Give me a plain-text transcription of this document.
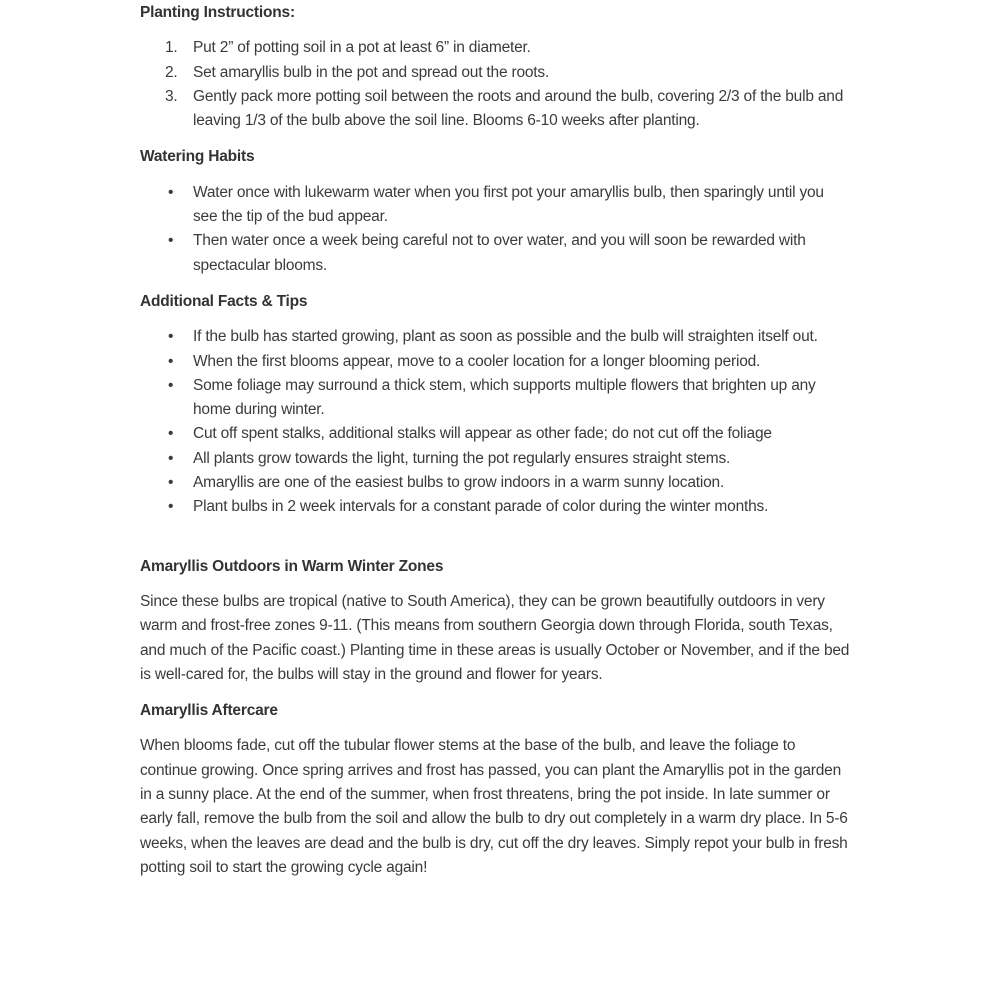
Planting Instructions:
Put 2” of potting soil in a pot at least 6” in diameter.
Set amaryllis bulb in the pot and spread out the roots.
Gently pack more potting soil between the roots and around the bulb, covering 2/3 of the bulb and leaving 1/3 of the bulb above the soil line. Blooms 6-10 weeks after planting.
Watering Habits
• Water once with lukewarm water when you first pot your amaryllis bulb, then sparingly until you see the tip of the bud appear.
• Then water once a week being careful not to over water, and you will soon be rewarded with spectacular blooms.
Additional Facts & Tips
• If the bulb has started growing, plant as soon as possible and the bulb will straighten itself out.
• When the first blooms appear, move to a cooler location for a longer blooming period.
• Some foliage may surround a thick stem, which supports multiple flowers that brighten up any home during winter.
• Cut off spent stalks, additional stalks will appear as other fade; do not cut off the foliage
• All plants grow towards the light, turning the pot regularly ensures straight stems.
• Amaryllis are one of the easiest bulbs to grow indoors in a warm sunny location.
• Plant bulbs in 2 week intervals for a constant parade of color during the winter months.
Amaryllis Outdoors in Warm Winter Zones
Since these bulbs are tropical (native to South America), they can be grown beautifully outdoors in very warm and frost-free zones 9-11. (This means from southern Georgia down through Florida, south Texas, and much of the Pacific coast.) Planting time in these areas is usually October or November, and if the bed is well-cared for, the bulbs will stay in the ground and flower for years.
Amaryllis Aftercare
When blooms fade, cut off the tubular flower stems at the base of the bulb, and leave the foliage to continue growing. Once spring arrives and frost has passed, you can plant the Amaryllis pot in the garden in a sunny place. At the end of the summer, when frost threatens, bring the pot inside. In late summer or early fall, remove the bulb from the soil and allow the bulb to dry out completely in a warm dry place. In 5-6 weeks, when the leaves are dead and the bulb is dry, cut off the dry leaves. Simply repot your bulb in fresh potting soil to start the growing cycle again!
